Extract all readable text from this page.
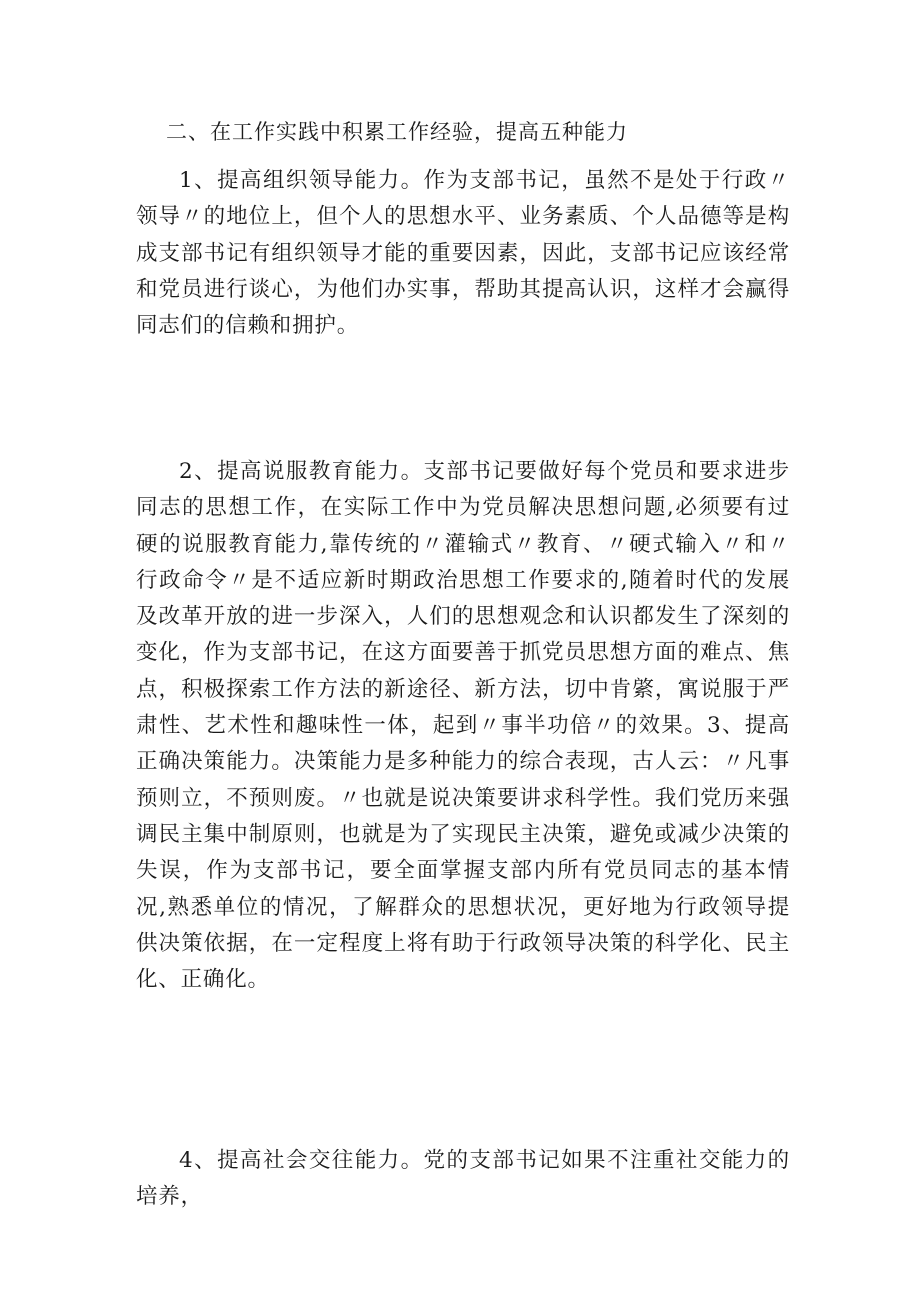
二、在工作实践中积累工作经验，提高五种能力

1、提高组织领导能力。作为支部书记，虽然不是处于行政〃领导〃的地位上，但个人的思想水平、业务素质、个人品德等是构成支部书记有组织领导才能的重要因素，因此，支部书记应该经常和党员进行谈心，为他们办实事，帮助其提高认识，这样才会赢得同志们的信赖和拥护。

2、提高说服教育能力。支部书记要做好每个党员和要求进步同志的思想工作，在实际工作中为党员解决思想问题,必须要有过硬的说服教育能力,靠传统的〃灌输式〃教育、〃硬式输入〃和〃行政命令〃是不适应新时期政治思想工作要求的,随着时代的发展及改革开放的进一步深入，人们的思想观念和认识都发生了深刻的变化，作为支部书记，在这方面要善于抓党员思想方面的难点、焦点，积极探索工作方法的新途径、新方法，切中肯綮，寓说服于严肃性、艺术性和趣味性一体，起到〃事半功倍〃的效果。3、提高正确决策能力。决策能力是多种能力的综合表现，古人云：〃凡事预则立，不预则废。〃也就是说决策要讲求科学性。我们党历来强调民主集中制原则，也就是为了实现民主决策，避免或减少决策的失误，作为支部书记，要全面掌握支部内所有党员同志的基本情况,熟悉单位的情况，了解群众的思想状况，更好地为行政领导提供决策依据，在一定程度上将有助于行政领导决策的科学化、民主化、正确化。

4、提高社会交往能力。党的支部书记如果不注重社交能力的培养，
